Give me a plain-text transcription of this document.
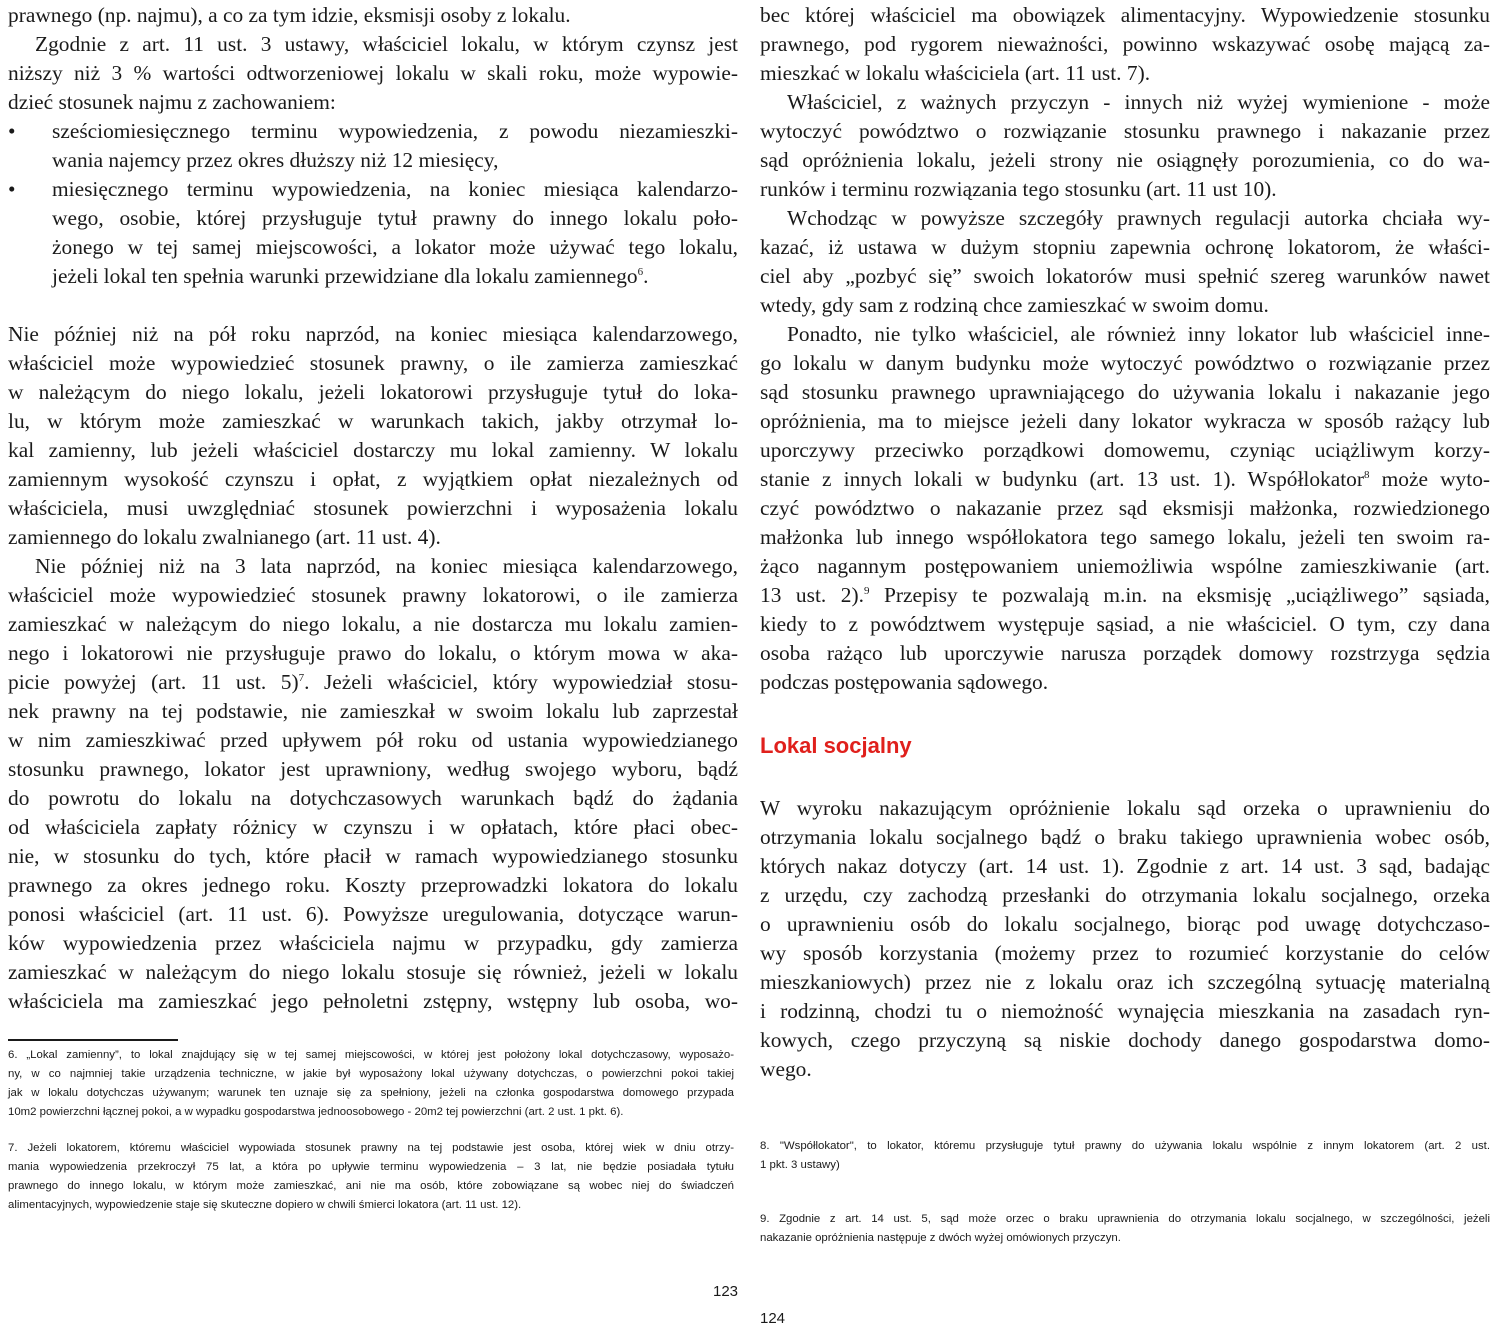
prawnego (np. najmu), a co za tym idzie, eksmisji osoby z lokalu.
Zgodnie z art. 11 ust. 3 ustawy, właściciel lokalu, w którym czynsz jest
niższy niż 3 % wartości odtworzeniowej lokalu w skali roku, może wypowie-
dzieć stosunek najmu z zachowaniem:
• sześciomiesięcznego terminu wypowiedzenia, z powodu niezamieszki-
wania najemcy przez okres dłuższy niż 12 miesięcy,
• miesięcznego terminu wypowiedzenia, na koniec miesiąca kalendarzo-
wego, osobie, której przysługuje tytuł prawny do innego lokalu poło-
żonego w tej samej miejscowości, a lokator może używać tego lokalu,
jeżeli lokal ten spełnia warunki przewidziane dla lokalu zamiennego$^6$.
Nie później niż na pół roku naprzód, na koniec miesiąca kalendarzowego,
właściciel może wypowiedzieć stosunek prawny, o ile zamierza zamieszkać
w należącym do niego lokalu, jeżeli lokatorowi przysługuje tytuł do loka-
lu, w którym może zamieszkać w warunkach takich, jakby otrzymał lo-
kal zamienny, lub jeżeli właściciel dostarczy mu lokal zamienny. W lokalu
zamiennym wysokość czynszu i opłat, z wyjątkiem opłat niezależnych od
właściciela, musi uwzględniać stosunek powierzchni i wyposażenia lokalu
zamiennego do lokalu zwalnianego (art. 11 ust. 4).
Nie później niż na 3 lata naprzód, na koniec miesiąca kalendarzowego,
właściciel może wypowiedzieć stosunek prawny lokatorowi, o ile zamierza
zamieszkać w należącym do niego lokalu, a nie dostarcza mu lokalu zamien-
nego i lokatorowi nie przysługuje prawo do lokalu, o którym mowa w aka-
picie powyżej (art. 11 ust. 5)$^7$. Jeżeli właściciel, który wypowiedział stosu-
nek prawny na tej podstawie, nie zamieszkał w swoim lokalu lub zaprzestał
w nim zamieszkiwać przed upływem pół roku od ustania wypowiedzianego
stosunku prawnego, lokator jest uprawniony, według swojego wyboru, bądź
do powrotu do lokalu na dotychczasowych warunkach bądź do żądania
od właściciela zapłaty różnicy w czynszu i w opłatach, które płaci obec-
nie, w stosunku do tych, które płacił w ramach wypowiedzianego stosunku
prawnego za okres jednego roku. Koszty przeprowadzki lokatora do lokalu
ponosi właściciel (art. 11 ust. 6). Powyższe uregulowania, dotyczące warun-
ków wypowiedzenia przez właściciela najmu w przypadku, gdy zamierza
zamieszkać w należącym do niego lokalu stosuje się również, jeżeli w lokalu
właściciela ma zamieszkać jego pełnoletni zstępny, wstępny lub osoba, wo-
6. „Lokal zamienny”, to lokal znajdujący się w tej samej miejscowości, w której jest położony lokal dotychczasowy, wyposażo-
ny, w co najmniej takie urządzenia techniczne, w jakie był wyposażony lokal używany dotychczas, o powierzchni pokoi takiej
jak w lokalu dotychczas używanym; warunek ten uznaje się za spełniony, jeżeli na członka gospodarstwa domowego przypada
10m2 powierzchni łącznej pokoi, a w wypadku gospodarstwa jednoosobowego - 20m2 tej powierzchni (art. 2 ust. 1 pkt. 6).
7. Jeżeli lokatorem, któremu właściciel wypowiada stosunek prawny na tej podstawie jest osoba, której wiek w dniu otrzy-
mania wypowiedzenia przekroczył 75 lat, a która po upływie terminu wypowiedzenia – 3 lat, nie będzie posiadała tytułu
prawnego do innego lokalu, w którym może zamieszkać, ani nie ma osób, które zobowiązane są wobec niej do świadczeń
alimentacyjnych, wypowiedzenie staje się skuteczne dopiero w chwili śmierci lokatora (art. 11 ust. 12).
bec której właściciel ma obowiązek alimentacyjny. Wypowiedzenie stosunku
prawnego, pod rygorem nieważności, powinno wskazywać osobę mającą za-
mieszkać w lokalu właściciela (art. 11 ust. 7).
Właściciel, z ważnych przyczyn - innych niż wyżej wymienione - może
wytoczyć powództwo o rozwiązanie stosunku prawnego i nakazanie przez
sąd opróżnienia lokalu, jeżeli strony nie osiągnęły porozumienia, co do wa-
runków i terminu rozwiązania tego stosunku (art. 11 ust 10).
Wchodząc w powyższe szczegóły prawnych regulacji autorka chciała wy-
kazać, iż ustawa w dużym stopniu zapewnia ochronę lokatorom, że właści-
ciel aby „pozbyć się” swoich lokatorów musi spełnić szereg warunków nawet
wtedy, gdy sam z rodziną chce zamieszkać w swoim domu.
Ponadto, nie tylko właściciel, ale również inny lokator lub właściciel inne-
go lokalu w danym budynku może wytoczyć powództwo o rozwiązanie przez
sąd stosunku prawnego uprawniającego do używania lokalu i nakazanie jego
opróżnienia, ma to miejsce jeżeli dany lokator wykracza w sposób rażący lub
uporczywy przeciwko porządkowi domowemu, czyniąc uciążliwym korzy-
stanie z innych lokali w budynku (art. 13 ust. 1). Współlokator$^8$ może wyto-
czyć powództwo o nakazanie przez sąd eksmisji małżonka, rozwiedzionego
małżonka lub innego współlokatora tego samego lokalu, jeżeli ten swoim ra-
żąco nagannym postępowaniem uniemożliwia wspólne zamieszkiwanie (art.
13 ust. 2).$^9$ Przepisy te pozwalają m.in. na eksmisję „uciążliwego” sąsiada,
kiedy to z powództwem występuje sąsiad, a nie właściciel. O tym, czy dana
osoba rażąco lub uporczywie narusza porządek domowy rozstrzyga sędzia
podczas postępowania sądowego.
Lokal socjalny
W wyroku nakazującym opróżnienie lokalu sąd orzeka o uprawnieniu do
otrzymania lokalu socjalnego bądź o braku takiego uprawnienia wobec osób,
których nakaz dotyczy (art. 14 ust. 1). Zgodnie z art. 14 ust. 3 sąd, badając
z urzędu, czy zachodzą przesłanki do otrzymania lokalu socjalnego, orzeka
o uprawnieniu osób do lokalu socjalnego, biorąc pod uwagę dotychczaso-
wy sposób korzystania (możemy przez to rozumieć korzystanie do celów
mieszkaniowych) przez nie z lokalu oraz ich szczególną sytuację materialną
i rodzinną, chodzi tu o niemożność wynajęcia mieszkania na zasadach ryn-
kowych, czego przyczyną są niskie dochody danego gospodarstwa domo-
wego.
8. "Współlokator", to lokator, któremu przysługuje tytuł prawny do używania lokalu wspólnie z innym lokatorem (art. 2 ust.
1 pkt. 3 ustawy)
9. Zgodnie z art. 14 ust. 5, sąd może orzec o braku uprawnienia do otrzymania lokalu socjalnego, w szczególności, jeżeli
nakazanie opróżnienia następuje z dwóch wyżej omówionych przyczyn.
123
124
